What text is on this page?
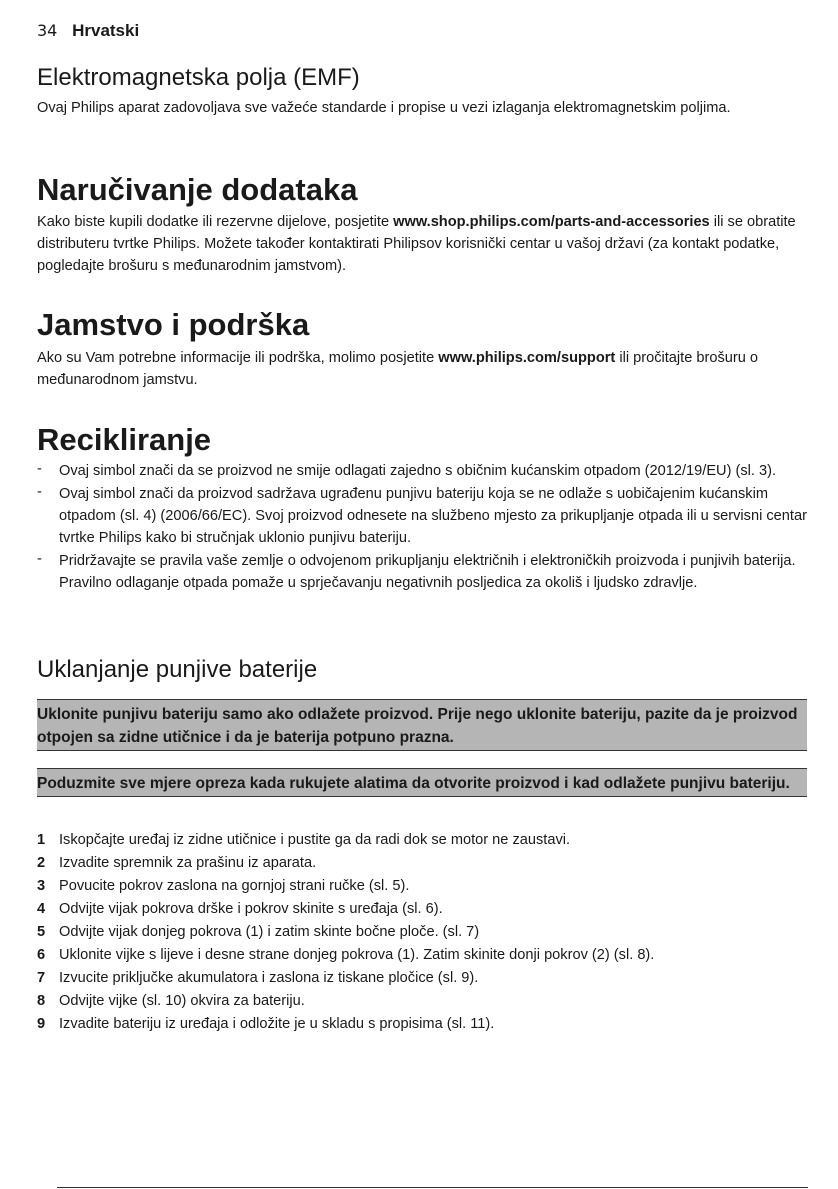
34 Hrvatski
Elektromagnetska polja (EMF)

Ovaj Philips aparat zadovoljava sve važeće standarde i propise u vezi izlaganja elektromagnetskim poljima.

Naručivanje dodataka

Kako biste kupili dodatke ili rezervne dijelove, posjetite www.shop.philips.com/parts-and-accessories ili se obratite distributeru tvrtke Philips. Možete također kontaktirati Philipsov korisnički centar u vašoj državi (za kontakt podatke, pogledajte brošuru s međunarodnim jamstvom).

Jamstvo i podrška

Ako su Vam potrebne informacije ili podrška, molimo posjetite www.philips.com/support ili pročitajte brošuru o međunarodnom jamstvu.

Recikliranje
- Ovaj simbol znači da se proizvod ne smije odlagati zajedno s običnim kućanskim otpadom (2012/19/EU) (sl. 3).
- Ovaj simbol znači da proizvod sadržava ugrađenu punjivu bateriju koja se ne odlaže s uobičajenim kućanskim otpadom (sl. 4) (2006/66/EC). Svoj proizvod odnesete na službeno mjesto za prikupljanje otpada ili u servisni centar tvrtke Philips kako bi stručnjak uklonio punjivu bateriju.
- Pridržavajte se pravila vaše zemlje o odvojenom prikupljanju električnih i elektroničkih proizvoda i punjivih baterija. Pravilno odlaganje otpada pomaže u sprječavanju negativnih posljedica za okoliš i ljudsko zdravlje.
Uklanjanje punjive baterije
Uklonite punjivu bateriju samo ako odlažete proizvod. Prije nego uklonite bateriju, pazite da je proizvod otpojen sa zidne utičnice i da je baterija potpuno prazna.
Poduzmite sve mjere opreza kada rukujete alatima da otvorite proizvod i kad odlažete punjivu bateriju.
1 Iskopčajte uređaj iz zidne utičnice i pustite ga da radi dok se motor ne zaustavi.
2 Izvadite spremnik za prašinu iz aparata.
3 Povucite pokrov zaslona na gornjoj strani ručke (sl. 5).
4 Odvijte vijak pokrova drške i pokrov skinite s uređaja (sl. 6).
5 Odvijte vijak donjeg pokrova (1) i zatim skinte bočne ploče. (sl. 7)
6 Uklonite vijke s lijeve i desne strane donjeg pokrova (1). Zatim skinite donji pokrov (2) (sl. 8).
7 Izvucite priključke akumulatora i zaslona iz tiskane pločice (sl. 9).
8 Odvijte vijke (sl. 10) okvira za bateriju.
9 Izvadite bateriju iz uređaja i odložite je u skladu s propisima (sl. 11).
